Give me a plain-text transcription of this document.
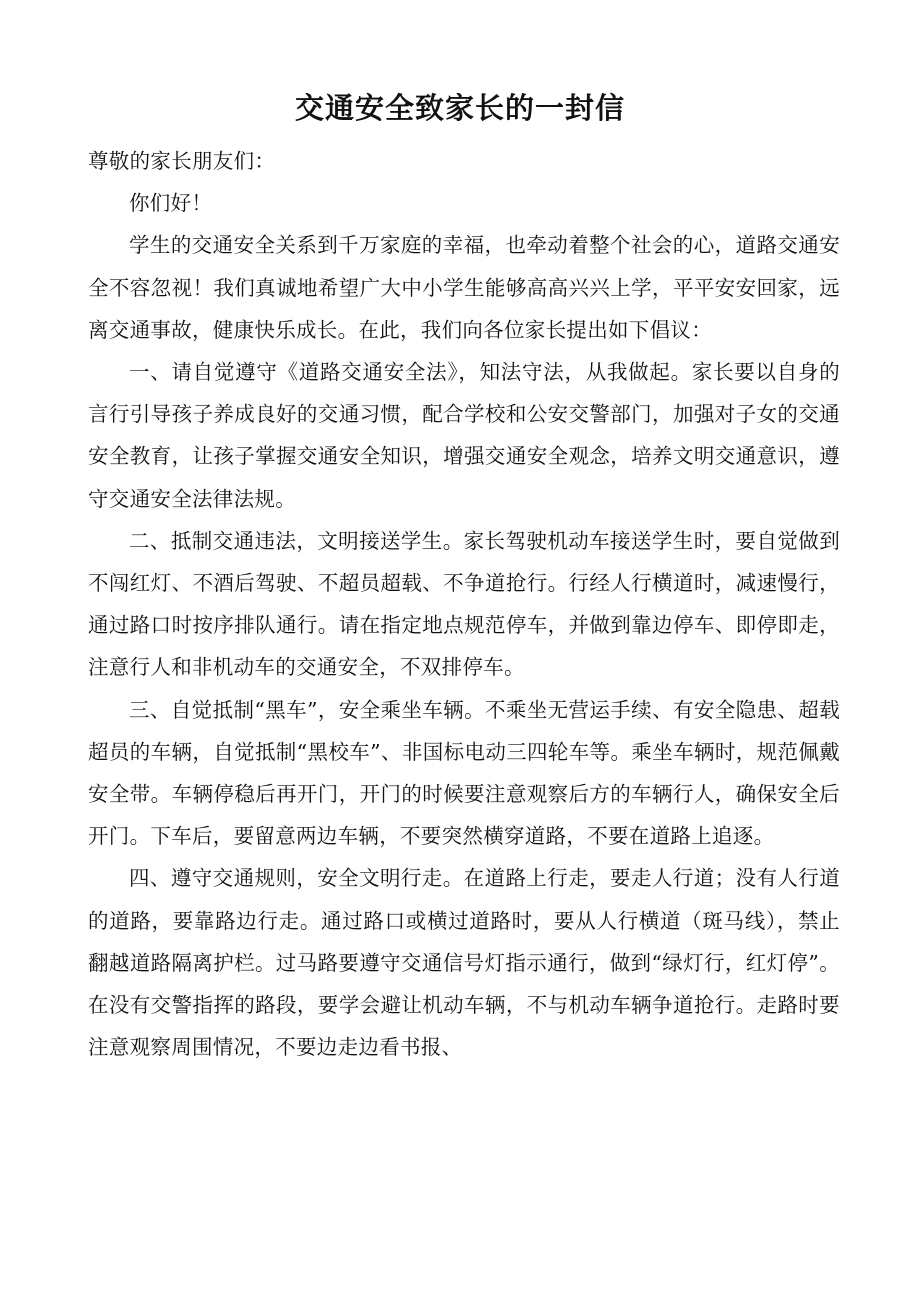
交通安全致家长的一封信

尊敬的家长朋友们：

你们好！

学生的交通安全关系到千万家庭的幸福，也牵动着整个社会的心，道路交通安全不容忽视！我们真诚地希望广大中小学生能够高高兴兴上学，平平安安回家，远离交通事故，健康快乐成长。在此，我们向各位家长提出如下倡议：

一、请自觉遵守《道路交通安全法》，知法守法，从我做起。家长要以自身的言行引导孩子养成良好的交通习惯，配合学校和公安交警部门，加强对子女的交通安全教育，让孩子掌握交通安全知识，增强交通安全观念，培养文明交通意识，遵守交通安全法律法规。

二、抵制交通违法，文明接送学生。家长驾驶机动车接送学生时，要自觉做到不闯红灯、不酒后驾驶、不超员超载、不争道抢行。行经人行横道时，减速慢行，通过路口时按序排队通行。请在指定地点规范停车，并做到靠边停车、即停即走，注意行人和非机动车的交通安全，不双排停车。

三、自觉抵制“黑车”，安全乘坐车辆。不乘坐无营运手续、有安全隐患、超载超员的车辆，自觉抵制“黑校车”、非国标电动三四轮车等。乘坐车辆时，规范佩戴安全带。车辆停稳后再开门，开门的时候要注意观察后方的车辆行人，确保安全后开门。下车后，要留意两边车辆，不要突然横穿道路，不要在道路上追逐。

四、遵守交通规则，安全文明行走。在道路上行走，要走人行道；没有人行道的道路，要靠路边行走。通过路口或横过道路时，要从人行横道（斑马线），禁止翻越道路隔离护栏。过马路要遵守交通信号灯指示通行，做到“绿灯行，红灯停”。在没有交警指挥的路段，要学会避让机动车辆，不与机动车辆争道抢行。走路时要注意观察周围情况，不要边走边看书报、
